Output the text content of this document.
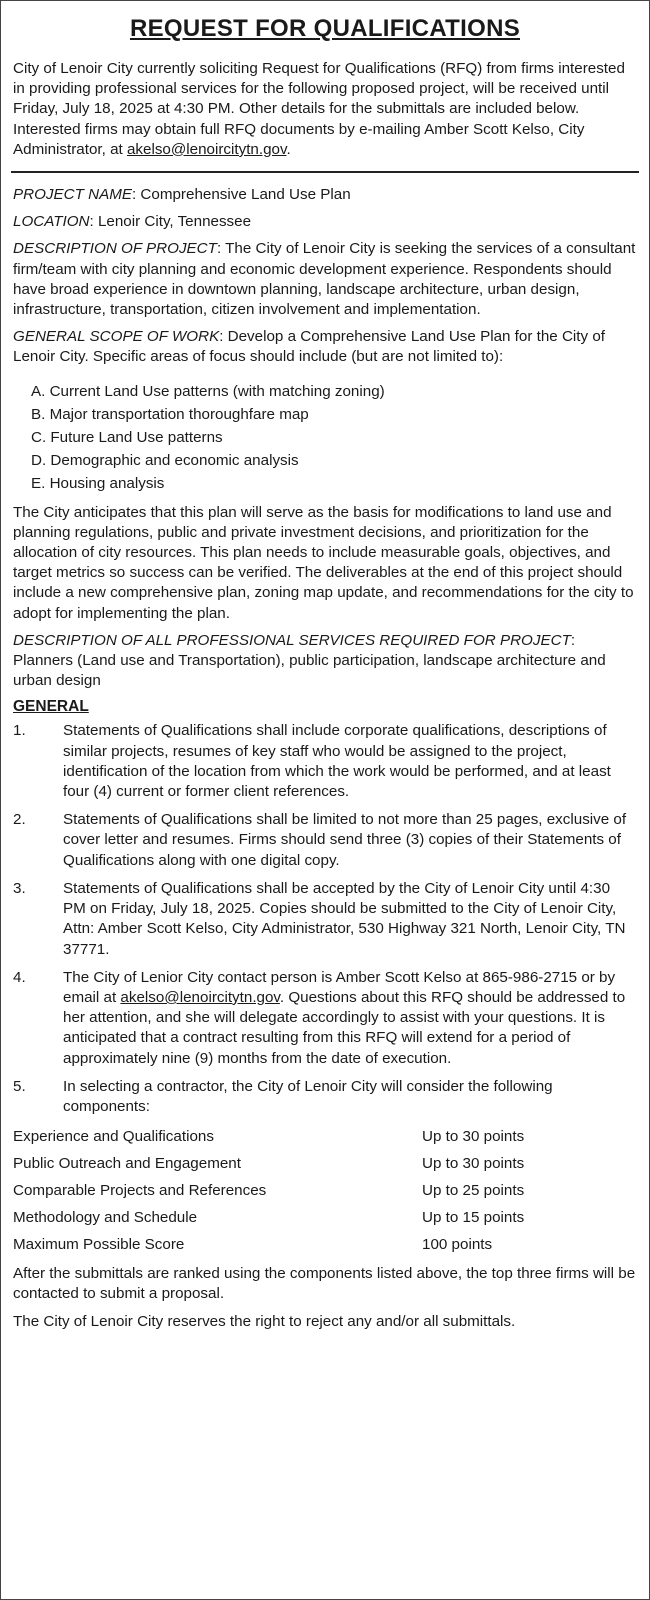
REQUEST FOR QUALIFICATIONS

City of Lenoir City currently soliciting Request for Qualifications (RFQ) from firms interested in providing professional services for the following proposed project, will be received until Friday, July 18, 2025 at 4:30 PM. Other details for the submittals are included below. Interested firms may obtain full RFQ documents by e-mailing Amber Scott Kelso, City Administrator, at akelso@lenoircitytn.gov.

PROJECT NAME: Comprehensive Land Use Plan

LOCATION: Lenoir City, Tennessee

DESCRIPTION OF PROJECT: The City of Lenoir City is seeking the services of a consultant firm/team with city planning and economic development experience. Respondents should have broad experience in downtown planning, landscape architecture, urban design, infrastructure, transportation, citizen involvement and implementation.

GENERAL SCOPE OF WORK: Develop a Comprehensive Land Use Plan for the City of Lenoir City. Specific areas of focus should include (but are not limited to):

A. Current Land Use patterns (with matching zoning)
B. Major transportation thoroughfare map
C. Future Land Use patterns
D. Demographic and economic analysis
E. Housing analysis

The City anticipates that this plan will serve as the basis for modifications to land use and planning regulations, public and private investment decisions, and prioritization for the allocation of city resources. This plan needs to include measurable goals, objectives, and target metrics so success can be verified. The deliverables at the end of this project should include a new comprehensive plan, zoning map update, and recommendations for the city to adopt for implementing the plan.

DESCRIPTION OF ALL PROFESSIONAL SERVICES REQUIRED FOR PROJECT: Planners (Land use and Transportation), public participation, landscape architecture and urban design

GENERAL
1.	Statements of Qualifications shall include corporate qualifications, descriptions of similar projects, resumes of key staff who would be assigned to the project, identification of the location from which the work would be performed, and at least four (4) current or former client references.
2.	Statements of Qualifications shall be limited to not more than 25 pages, exclusive of cover letter and resumes. Firms should send three (3) copies of their Statements of Qualifications along with one digital copy.
3.	Statements of Qualifications shall be accepted by the City of Lenoir City until 4:30 PM on Friday, July 18, 2025. Copies should be submitted to the City of Lenoir City, Attn: Amber Scott Kelso, City Administrator, 530 Highway 321 North, Lenoir City, TN 37771.
4.	The City of Lenior City contact person is Amber Scott Kelso at 865-986-2715 or by email at akelso@lenoircitytn.gov. Questions about this RFQ should be addressed to her attention, and she will delegate accordingly to assist with your questions. It is anticipated that a contract resulting from this RFQ will extend for a period of approximately nine (9) months from the date of execution.
5.	In selecting a contractor, the City of Lenoir City will consider the following components:
Experience and Qualifications	Up to 30 points
Public Outreach and Engagement	Up to 30 points
Comparable Projects and References	Up to 25 points
Methodology and Schedule	Up to 15 points
Maximum Possible Score	100 points

After the submittals are ranked using the components listed above, the top three firms will be contacted to submit a proposal.

The City of Lenoir City reserves the right to reject any and/or all submittals.
